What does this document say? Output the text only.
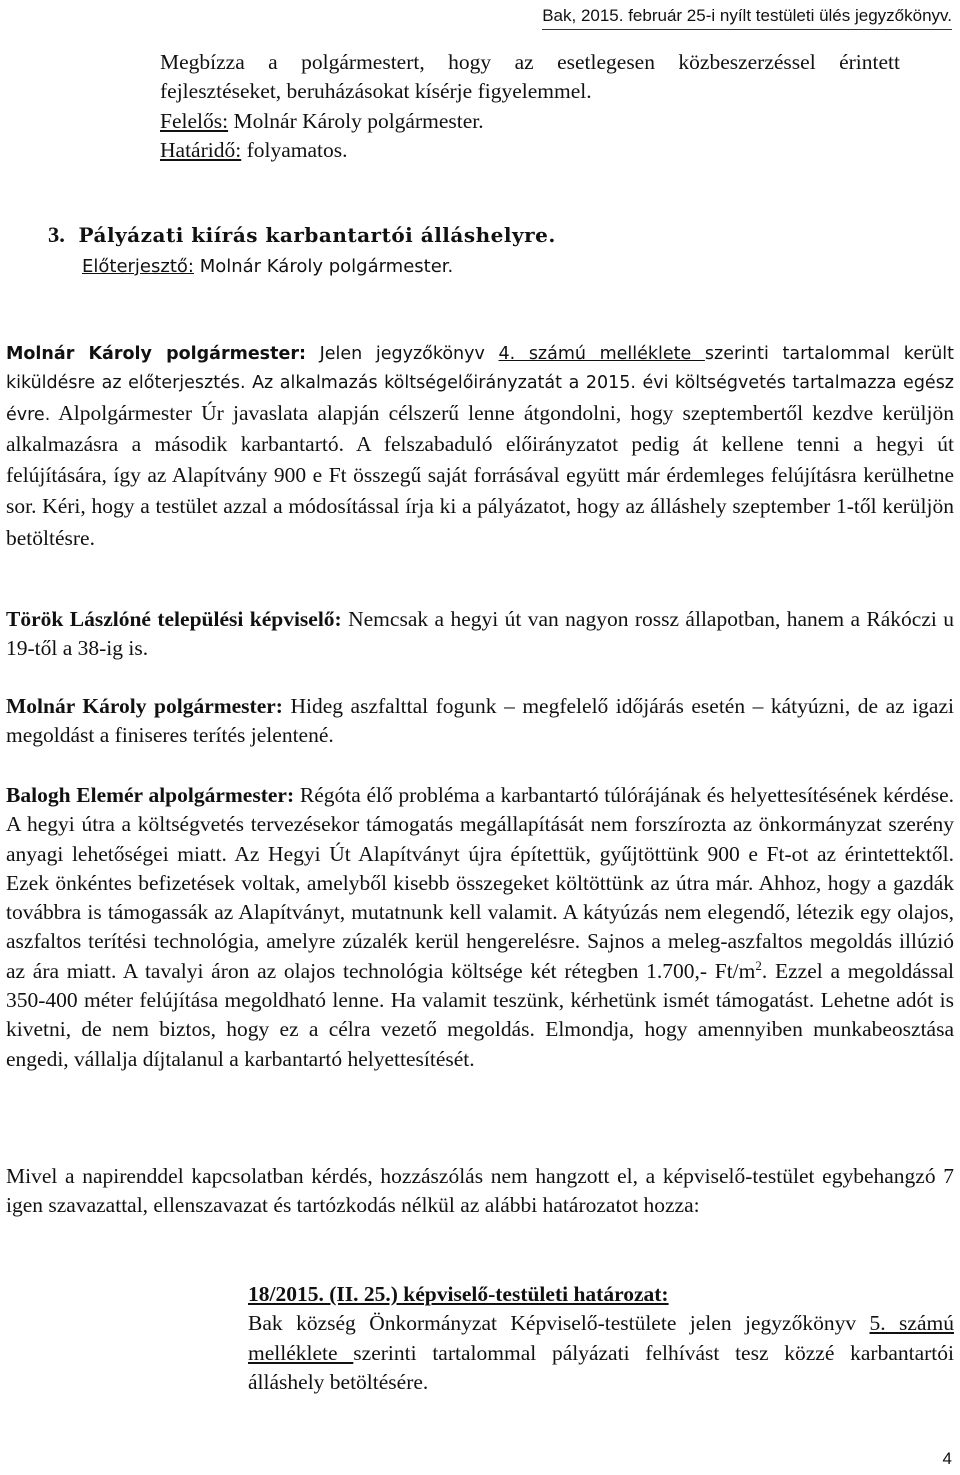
Bak, 2015. február 25-i nyílt testületi ülés jegyzőkönyv.
Megbízza a polgármestert, hogy az esetlegesen közbeszerzéssel érintett fejlesztéseket, beruházásokat kísérje figyelemmel.
Felelős: Molnár Károly polgármester.
Határidő: folyamatos.
3. Pályázati kiírás karbantartói álláshelyre.
Előterjesztő: Molnár Károly polgármester.
Molnár Károly polgármester: Jelen jegyzőkönyv 4. számú melléklete szerinti tartalommal került kiküldésre az előterjesztés. Az alkalmazás költségelőirányzatát a 2015. évi költségvetés tartalmazza egész évre. Alpolgármester Úr javaslata alapján célszerű lenne átgondolni, hogy szeptembertől kezdve kerüljön alkalmazásra a második karbantartó. A felszabaduló előirányzatot pedig át kellene tenni a hegyi út felújítására, így az Alapítvány 900 e Ft összegű saját forrásával együtt már érdemleges felújításra kerülhetne sor. Kéri, hogy a testület azzal a módosítással írja ki a pályázatot, hogy az álláshely szeptember 1-től kerüljön betöltésre.
Török Lászlóné települési képviselő: Nemcsak a hegyi út van nagyon rossz állapotban, hanem a Rákóczi u 19-től a 38-ig is.
Molnár Károly polgármester: Hideg aszfalttal fogunk – megfelelő időjárás esetén – kátyúzni, de az igazi megoldást a finiseres terítés jelentené.
Balogh Elemér alpolgármester: Régóta élő probléma a karbantartó túlórájának és helyettesítésének kérdése. A hegyi útra a költségvetés tervezésekor támogatás megállapítását nem forszírozta az önkormányzat szerény anyagi lehetőségei miatt. Az Hegyi Út Alapítványt újra építettük, gyűjtöttünk 900 e Ft-ot az érintettektől. Ezek önkéntes befizetések voltak, amelyből kisebb összegeket költöttünk az útra már. Ahhoz, hogy a gazdák továbbra is támogassák az Alapítványt, mutatnunk kell valamit. A kátyúzás nem elegendő, létezik egy olajos, aszfaltos terítési technológia, amelyre zúzalék kerül hengerelésre. Sajnos a meleg-aszfaltos megoldás illúzió az ára miatt. A tavalyi áron az olajos technológia költsége két rétegben 1.700,- $Ft/m^2$. Ezzel a megoldással 350-400 méter felújítása megoldható lenne. Ha valamit teszünk, kérhetünk ismét támogatást. Lehetne adót is kivetni, de nem biztos, hogy ez a célra vezető megoldás. Elmondja, hogy amennyiben munkabeosztása engedi, vállalja díjtalanul a karbantartó helyettesítését.
Mivel a napirenddel kapcsolatban kérdés, hozzászólás nem hangzott el, a képviselő-testület egybehangzó 7 igen szavazattal, ellenszavazat és tartózkodás nélkül az alábbi határozatot hozza:
18/2015. (II. 25.) képviselő-testületi határozat:
Bak község Önkormányzat Képviselő-testülete jelen jegyzőkönyv 5. számú melléklete szerinti tartalommal pályázati felhívást tesz közzé karbantartói álláshely betöltésére.
4
